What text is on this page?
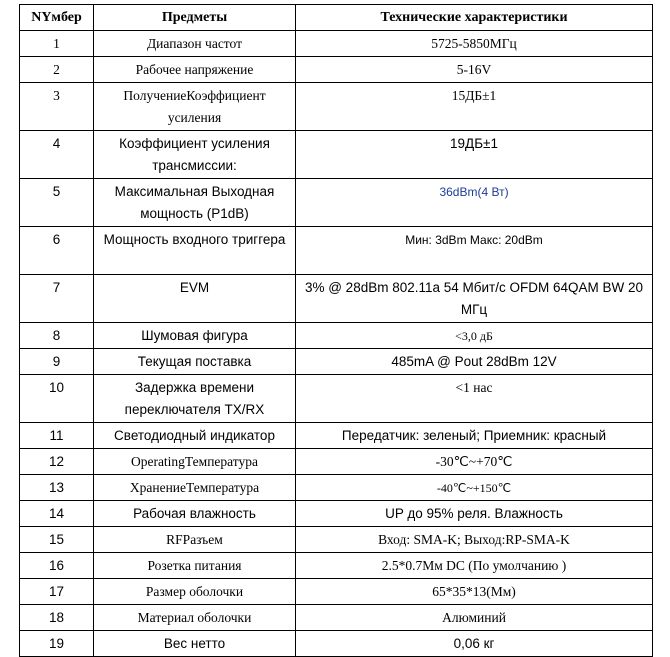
NYмбер	Предметы	Технические характеристики
1	Диапазон частот	5725-5850МГц
2	Рабочее напряжение	5-16V
3	ПолучениеКоэффициент усиления	15ДБ±1
4	Коэффициент усиления трансмиссии:	19ДБ±1
5	Максимальная Выходная мощность (P1dB)	36dBm(4 Вт)
6	Мощность входного триггера	Мин: 3dBm Макс: 20dBm
7	EVM	3% @ 28dBm 802.11a 54 Мбит/с OFDM 64QAM BW 20 МГц
8	Шумовая фигура	<3,0 дБ
9	Текущая поставка	485mA @ Pout 28dBm 12V
10	Задержка времени переключателя TX/RX	<1 нас
11	Светодиодный индикатор	Передатчик: зеленый; Приемник: красный
12	OperatingТемпература	-30℃~+70℃
13	ХранениеТемпература	-40℃~+150℃
14	Рабочая влажность	UP до 95% реля. Влажность
15	RFРазъем	Вход: SMA-K; Выход:RP-SMA-K
16	Розетка питания	2.5*0.7Мм DC (По умолчанию )
17	Размер оболочки	65*35*13(Мм)
18	Материал оболочки	Алюминий
19	Вес нетто	0,06 кг
